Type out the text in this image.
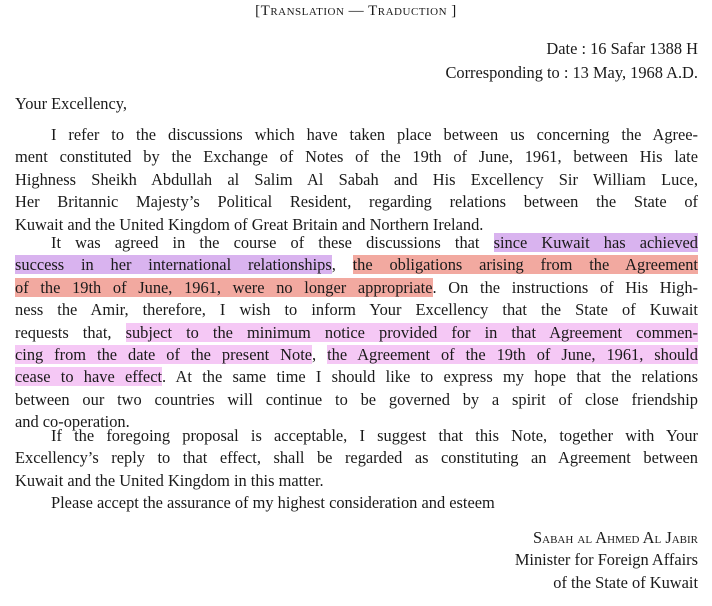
[Translation — Traduction ]
Date : 16 Safar 1388 H
Corresponding to : 13 May, 1968 A.D.
Your Excellency,
I refer to the discussions which have taken place between us concerning the Agree-
ment constituted by the Exchange of Notes of the 19th of June, 1961, between His late
Highness Sheikh Abdullah al Salim Al Sabah and His Excellency Sir William Luce,
Her Britannic Majesty’s Political Resident, regarding relations between the State of
Kuwait and the United Kingdom of Great Britain and Northern Ireland.
It was agreed in the course of these discussions that since Kuwait has achieved
success in her international relationships, the obligations arising from the Agreement
of the 19th of June, 1961, were no longer appropriate. On the instructions of His High-
ness the Amir, therefore, I wish to inform Your Excellency that the State of Kuwait
requests that, subject to the minimum notice provided for in that Agreement commen-
cing from the date of the present Note, the Agreement of the 19th of June, 1961, should
cease to have effect. At the same time I should like to express my hope that the relations
between our two countries will continue to be governed by a spirit of close friendship
and co-operation.
If the foregoing proposal is acceptable, I suggest that this Note, together with Your
Excellency’s reply to that effect, shall be regarded as constituting an Agreement between
Kuwait and the United Kingdom in this matter.
Please accept the assurance of my highest consideration and esteem
Sabah al Ahmed Al Jabir
Minister for Foreign Affairs
of the State of Kuwait
